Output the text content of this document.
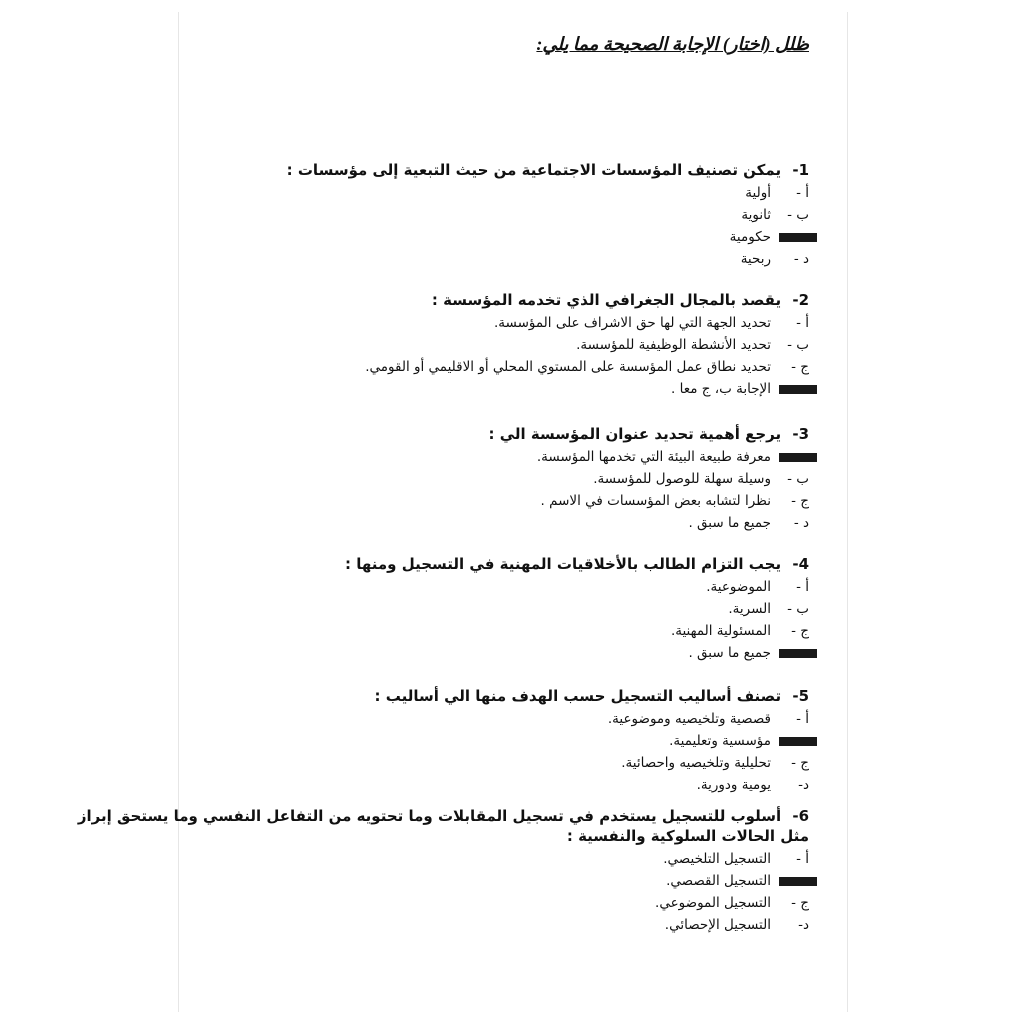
ظلل (اختار) الإجابة الصحيحة مما يلي:
1- يمكن تصنيف المؤسسات الاجتماعية من حيث التبعية إلى مؤسسات :
أ -أولية
ب -ثانوية
حكومية
د -ربحية
2- يقصد بالمجال الجغرافي الذي تخدمه المؤسسة :
أ -تحديد الجهة التي لها حق الاشراف على المؤسسة.
ب -تحديد الأنشطة الوظيفية للمؤسسة.
ج -تحديد نطاق عمل المؤسسة على المستوي المحلي أو الاقليمي أو القومي.
الإجابة ب، ج معا .
3- يرجع أهمية تحديد عنوان المؤسسة الي :
معرفة طبيعة البيئة التي تخدمها المؤسسة.
ب -وسيلة سهلة للوصول للمؤسسة.
ج -نظرا لتشابه بعض المؤسسات في الاسم .
د -جميع ما سبق .
4- يجب التزام الطالب بالأخلاقيات المهنية في التسجيل ومنها :
أ -الموضوعية.
ب -السرية.
ج -المسئولية المهنية.
جميع ما سبق .
5- تصنف أساليب التسجيل حسب الهدف منها الي أساليب :
أ -قصصية وتلخيصيه وموضوعية.
مؤسسية وتعليمية.
ج -تحليلية وتلخيصيه واحصائية.
د-يومية ودورية.
6- أسلوب للتسجيل يستخدم في تسجيل المقابلات وما تحتويه من التفاعل النفسي وما يستحق إبراز
مثل الحالات السلوكية والنفسية :
أ -التسجيل التلخيصي.
التسجيل القصصي.
ج -التسجيل الموضوعي.
د-التسجيل الإحصائي.
